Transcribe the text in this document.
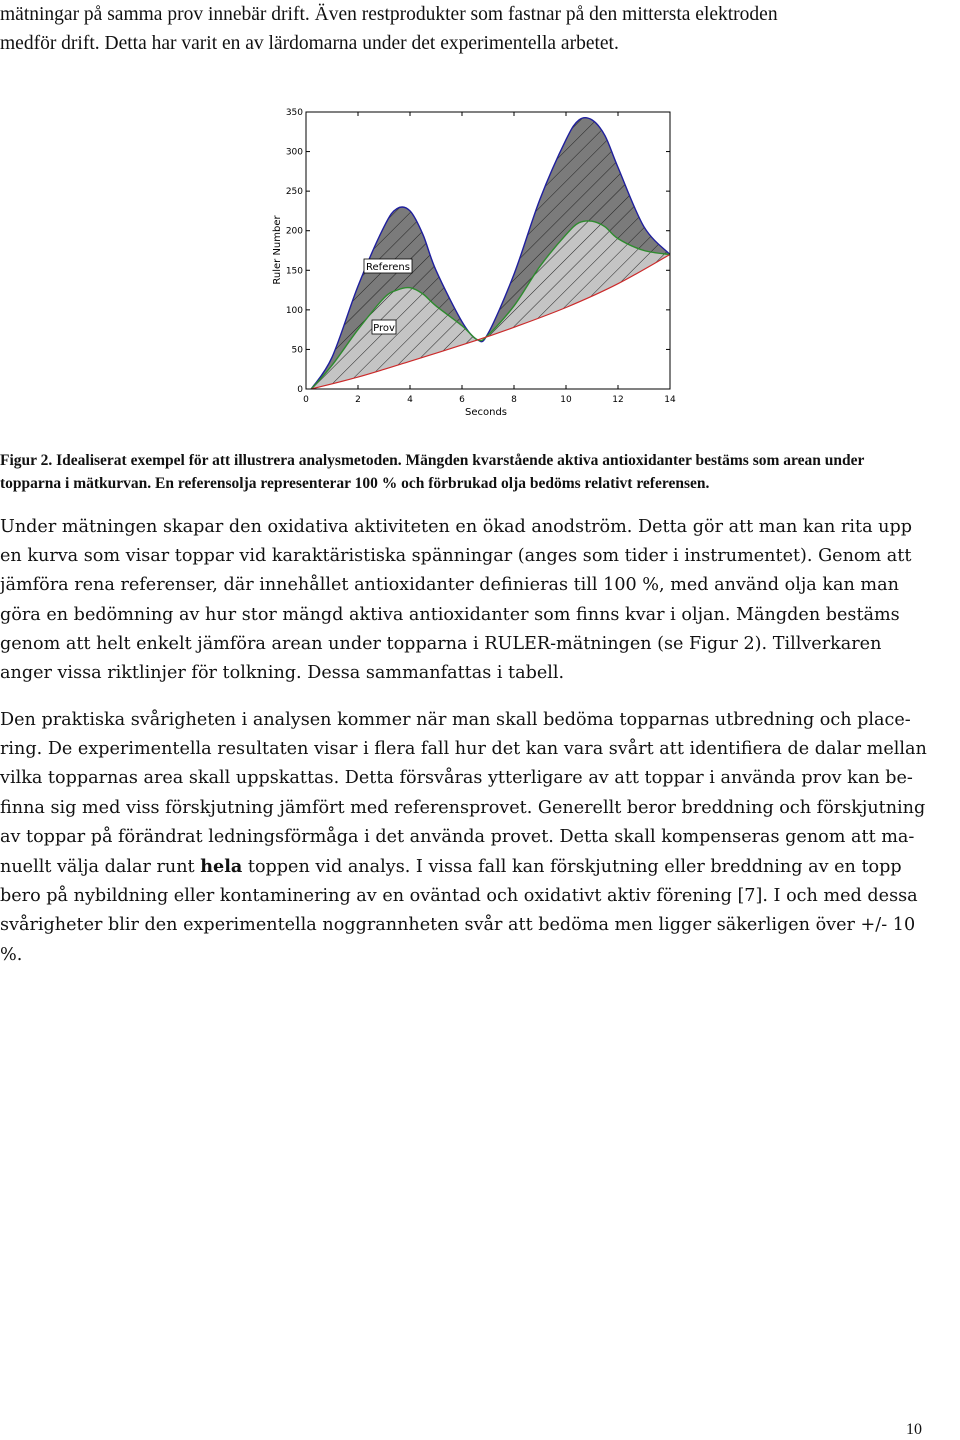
mätningar på samma prov innebär drift. Även restprodukter som fastnar på den mittersta elektroden

medför drift. Detta har varit en av lärdomarna under det experimentella arbetet.

0	2	4	6	8	10	12	14
0
50
100
150
200
250
300
350
Seconds
Ruler Number	Referens
Prov

Figur 2. Idealiserat exempel för att illustrera analysmetoden. Mängden kvarstående aktiva antioxidanter bestäms som arean under

topparna i mätkurvan. En referensolja representerar 100 % och förbrukad olja bedöms relativt referensen.

Under mätningen skapar den oxidativa aktiviteten en ökad anodström. Detta gör att man kan rita upp

en kurva som visar toppar vid karaktäristiska spänningar (anges som tider i instrumentet). Genom att

jämföra rena referenser, där innehållet antioxidanter definieras till 100 %, med använd olja kan man

göra en bedömning av hur stor mängd aktiva antioxidanter som finns kvar i oljan. Mängden bestäms

genom att helt enkelt jämföra arean under topparna i RULER-mätningen (se Figur 2). Tillverkaren

anger vissa riktlinjer för tolkning. Dessa sammanfattas i tabell.

Den praktiska svårigheten i analysen kommer när man skall bedöma topparnas utbredning och place-

ring. De experimentella resultaten visar i flera fall hur det kan vara svårt att identifiera de dalar mellan

vilka topparnas area skall uppskattas. Detta försvåras ytterligare av att toppar i använda prov kan be-

finna sig med viss förskjutning jämfört med referensprovet. Generellt beror breddning och förskjutning

av toppar på förändrat ledningsförmåga i det använda provet. Detta skall kompenseras genom att ma-

nuellt välja dalar runt hela toppen vid analys. I vissa fall kan förskjutning eller breddning av en topp

bero på nybildning eller kontaminering av en oväntad och oxidativt aktiv förening [7]. I och med dessa

svårigheter blir den experimentella noggrannheten svår att bedöma men ligger säkerligen över +/- 10

%.

10
